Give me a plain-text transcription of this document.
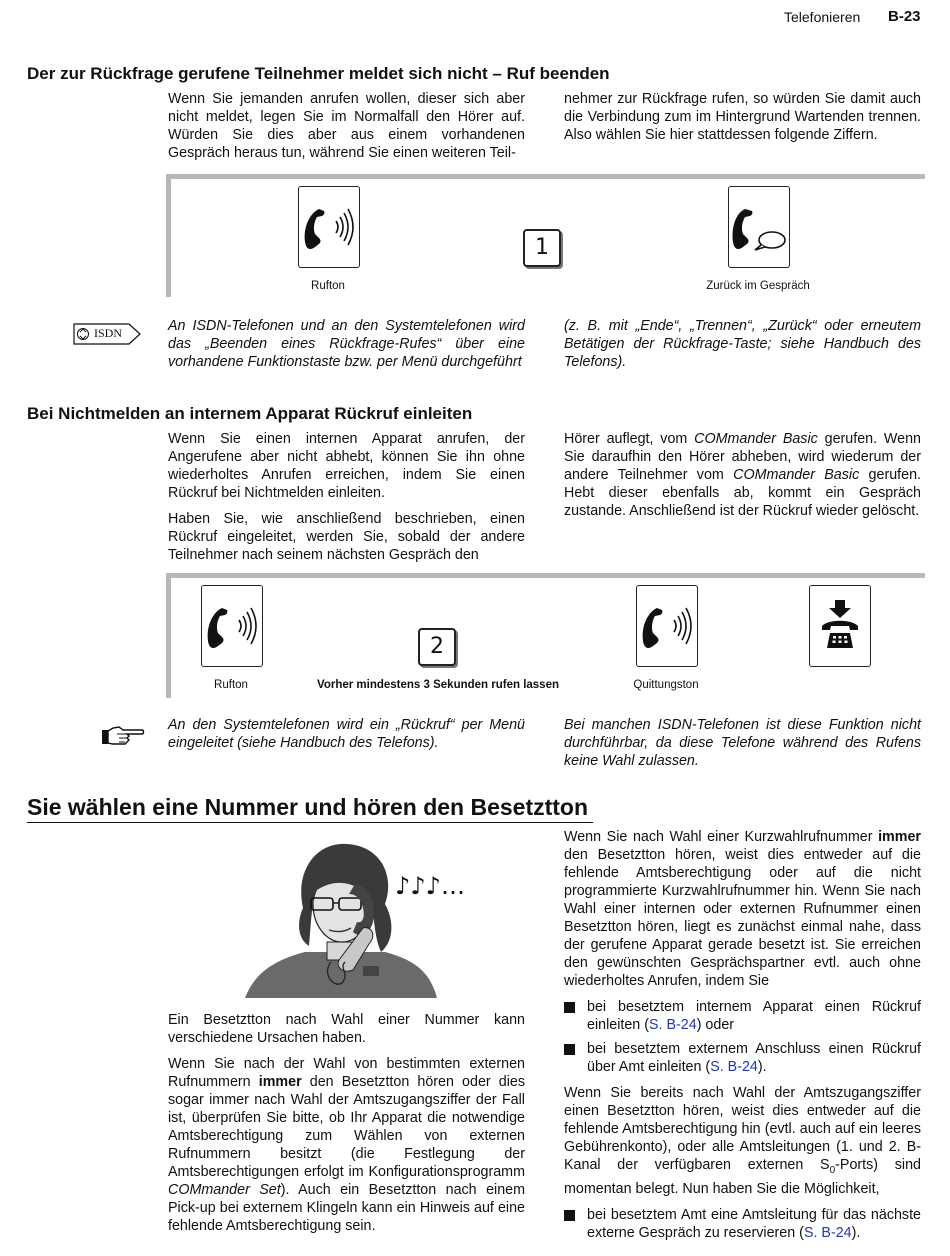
Telefonieren B-23
Der zur Rückfrage gerufene Teilnehmer meldet sich nicht – Ruf beenden
Wenn Sie jemanden anrufen wollen, dieser sich aber nicht meldet, legen Sie im Normalfall den Hörer auf. Würden Sie dies aber aus einem vorhandenen Gespräch heraus tun, während Sie einen weiteren Teil-
nehmer zur Rückfrage rufen, so würden Sie damit auch die Verbindung zum im Hintergrund Wartenden trennen. Also wählen Sie hier stattdessen folgende Ziffern.
Rufton
1
Zurück im Gespräch
ISDN	An ISDN-Telefonen und an den Systemtelefonen wird das „Beenden eines Rückfrage-Rufes“ über eine vorhandene Funktionstaste bzw. per Menü durchgeführt
(z. B. mit „Ende“, „Trennen“, „Zurück“ oder erneutem Betätigen der Rückfrage-Taste; siehe Handbuch des Telefons).
Bei Nichtmelden an internem Apparat Rückruf einleiten

Wenn Sie einen internen Apparat anrufen, der Angerufene aber nicht abhebt, können Sie ihn ohne wiederholtes Anrufen erreichen, indem Sie einen Rückruf bei Nichtmelden einleiten.

Haben Sie, wie anschließend beschrieben, einen Rückruf eingeleitet, werden Sie, sobald der andere Teilnehmer nach seinem nächsten Gespräch den

Hörer auflegt, vom COMmander Basic gerufen. Wenn Sie daraufhin den Hörer abheben, wird wiederum der andere Teilnehmer vom COMmander Basic gerufen. Hebt dieser ebenfalls ab, kommt ein Gespräch zustande. Anschließend ist der Rückruf wieder gelöscht.
Rufton
2
Vorher mindestens 3 Sekunden rufen lassen	Quittungston
An den Systemtelefonen wird ein „Rückruf“ per Menü eingeleitet (siehe Handbuch des Telefons).
Bei manchen ISDN-Telefonen ist diese Funktion nicht durchführbar, da diese Telefone während des Rufens keine Wahl zulassen.
Sie wählen eine Nummer und hören den Besetztton
♪♪♪…

Ein Besetztton nach Wahl einer Nummer kann verschiedene Ursachen haben.

Wenn Sie nach der Wahl von bestimmten externen Rufnummern immer den Besetztton hören oder dies sogar immer nach Wahl der Amtszugangsziffer der Fall ist, überprüfen Sie bitte, ob Ihr Apparat die notwendige Amtsberechtigung zum Wählen von externen Rufnummern besitzt (die Festlegung der Amtsberechtigungen erfolgt im Konfigurationsprogramm COMmander Set). Auch ein Besetztton nach einem Pick-up bei externem Klingeln kann ein Hinweis auf eine fehlende Amtsberechtigung sein.

Wenn Sie nach Wahl einer Kurzwahlrufnummer immer den Besetztton hören, weist dies entweder auf die fehlende Amtsberechtigung oder auf die nicht programmierte Kurzwahlrufnummer hin. Wenn Sie nach Wahl einer internen oder externen Rufnummer einen Besetztton hören, liegt es zunächst einmal nahe, dass der gerufene Apparat gerade besetzt ist. Sie erreichen den gewünschten Gesprächspartner evtl. auch ohne wiederholtes Anrufen, indem Sie

bei besetztem internem Apparat einen Rückruf einleiten (S. B-24) oder
bei besetztem externem Anschluss einen Rückruf über Amt einleiten (S. B-24).

Wenn Sie bereits nach Wahl der Amtszugangsziffer einen Besetztton hören, weist dies entweder auf die fehlende Amtsberechtigung hin (evtl. auch auf ein leeres Gebührenkonto), oder alle Amtsleitungen (1. und 2. B-Kanal der verfügbaren externen $S_0-Ports$) sind momentan belegt. Nun haben Sie die Möglichkeit,

bei besetztem Amt eine Amtsleitung für das nächste externe Gespräch zu reservieren (S. B-24).
